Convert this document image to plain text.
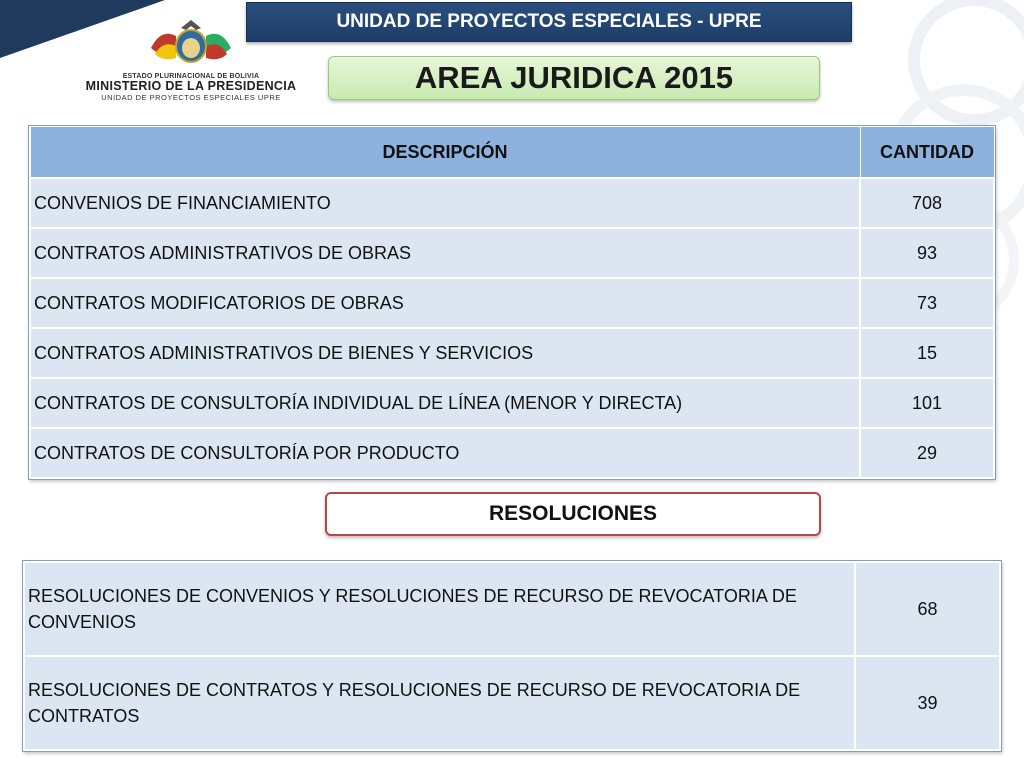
ESTADO PLURINACIONAL DE BOLIVIA
MINISTERIO DE LA PRESIDENCIA
UNIDAD DE PROYECTOS ESPECIALES UPRE
UNIDAD DE PROYECTOS ESPECIALES - UPRE
AREA JURIDICA 2015
DESCRIPCIÓN	CANTIDAD
CONVENIOS DE FINANCIAMIENTO	708
CONTRATOS ADMINISTRATIVOS DE OBRAS	93
CONTRATOS MODIFICATORIOS DE OBRAS	73
CONTRATOS ADMINISTRATIVOS DE BIENES Y SERVICIOS	15
CONTRATOS DE CONSULTORÍA INDIVIDUAL DE LÍNEA (MENOR Y DIRECTA)	101
CONTRATOS DE CONSULTORÍA POR PRODUCTO	29
RESOLUCIONES
RESOLUCIONES DE CONVENIOS Y RESOLUCIONES DE RECURSO DE REVOCATORIA DE CONVENIOS	68
RESOLUCIONES DE CONTRATOS Y RESOLUCIONES DE RECURSO DE REVOCATORIA DE CONTRATOS	39
